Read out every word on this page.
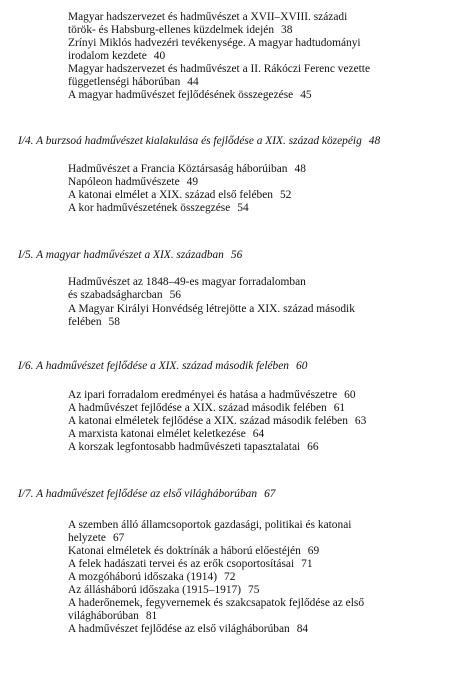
Magyar hadszervezet és hadművészet a XVII–XVIII. századi
török- és Habsburg-ellenes küzdelmek idején 38

Zrínyi Miklós hadvezéri tevékenysége. A magyar hadtudományi
irodalom kezdete 40

Magyar hadszervezet és hadművészet a II. Rákóczi Ferenc vezette
függetlenségi háborúban 44

A magyar hadművészet fejlődésének összegezése 45

I/4. A burzsoá hadművészet kialakulása és fejlődése a XIX. század közepéig 48

Hadművészet a Francia Köztársaság háborúiban 48

Napóleon hadművészete 49

A katonai elmélet a XIX. század első felében 52

A kor hadművészetének összegzése 54

I/5. A magyar hadművészet a XIX. században 56

Hadművészet az 1848–49-es magyar forradalomban
és szabadságharcban 56

A Magyar Királyi Honvédség létrejötte a XIX. század második
felében 58

I/6. A hadművészet fejlődése a XIX. század második felében 60

Az ipari forradalom eredményei és hatása a hadművészetre 60

A hadművészet fejlődése a XIX. század második felében 61

A katonai elméletek fejlődése a XIX. század második felében 63

A marxista katonai elmélet keletkezése 64

A korszak legfontosabb hadművészeti tapasztalatai 66

I/7. A hadművészet fejlődése az első világháborúban 67

A szemben álló államcsoportok gazdasági, politikai és katonai
helyzete 67

Katonai elméletek és doktrínák a háború előestéjén 69

A felek hadászati tervei és az erők csoportosításai 71

A mozgóháború időszaka (1914) 72

Az állásháború időszaka (1915–1917) 75

A haderőnemek, fegyvernemek és szakcsapatok fejlődése az első
világháborúban 81

A hadművészet fejlődése az első világháborúban 84
